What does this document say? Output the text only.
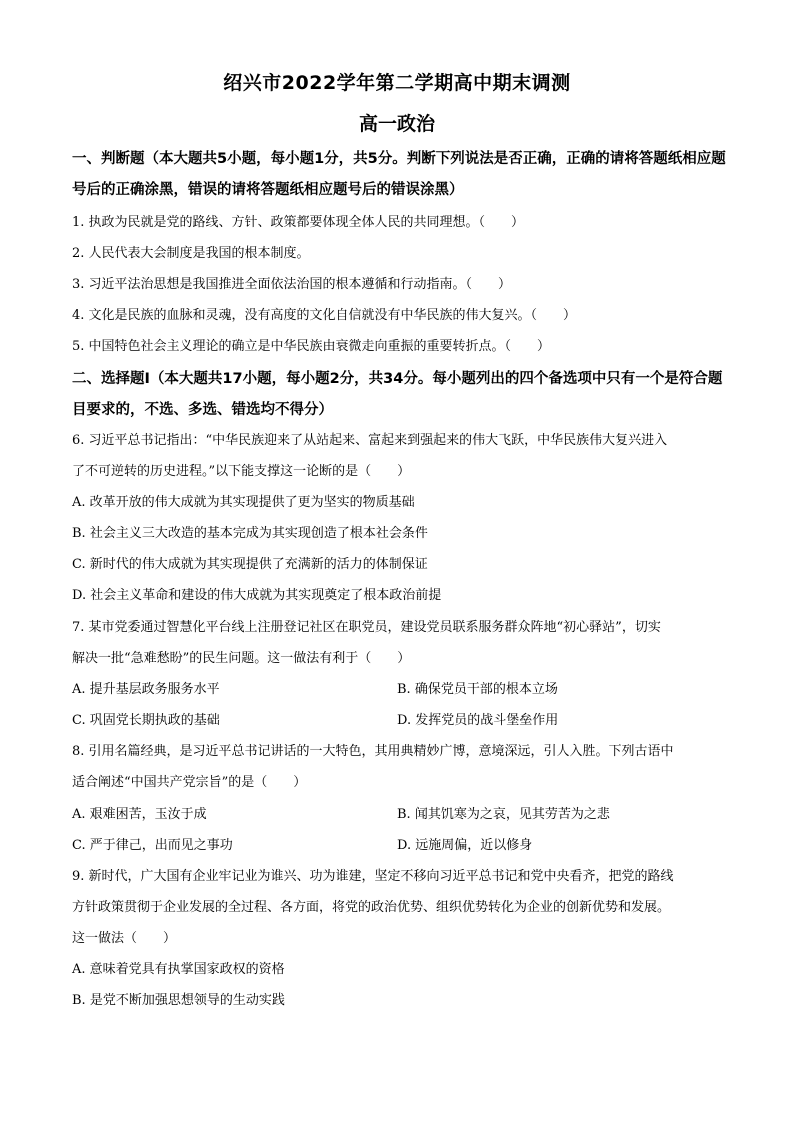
绍兴市2022学年第二学期高中期末调测
高一政治

一、判断题（本大题共5小题，每小题1分，共5分。判断下列说法是否正确，正确的请将答题纸相应题号后的正确涂黑，错误的请将答题纸相应题号后的错误涂黑）

1. 执政为民就是党的路线、方针、政策都要体现全体人民的共同理想。（　　）
2. 人民代表大会制度是我国的根本制度。
3. 习近平法治思想是我国推进全面依法治国的根本遵循和行动指南。（　　）
4. 文化是民族的血脉和灵魂，没有高度的文化自信就没有中华民族的伟大复兴。（　　）
5. 中国特色社会主义理论的确立是中华民族由衰微走向重振的重要转折点。（　　）

二、选择题Ⅰ（本大题共17小题，每小题2分，共34分。每小题列出的四个备选项中只有一个是符合题目要求的，不选、多选、错选均不得分）

6. 习近平总书记指出：“中华民族迎来了从站起来、富起来到强起来的伟大飞跃，中华民族伟大复兴进入
了不可逆转的历史进程。”以下能支撑这一论断的是（　　）
A. 改革开放的伟大成就为其实现提供了更为坚实的物质基础
B. 社会主义三大改造的基本完成为其实现创造了根本社会条件
C. 新时代的伟大成就为其实现提供了充满新的活力的体制保证
D. 社会主义革命和建设的伟大成就为其实现奠定了根本政治前提
7. 某市党委通过智慧化平台线上注册登记社区在职党员，建设党员联系服务群众阵地“初心驿站”，切实
解决一批“急难愁盼”的民生问题。这一做法有利于（　　）
A. 提升基层政务服务水平	B. 确保党员干部的根本立场
C. 巩固党长期执政的基础	D. 发挥党员的战斗堡垒作用
8. 引用名篇经典，是习近平总书记讲话的一大特色，其用典精妙广博，意境深远，引人入胜。下列古语中
适合阐述“中国共产党宗旨”的是（　　）
A. 艰难困苦，玉汝于成	B. 闻其饥寒为之哀，见其劳苦为之悲
C. 严于律己，出而见之事功	D. 远施周偏，近以修身
9. 新时代，广大国有企业牢记业为谁兴、功为谁建，坚定不移向习近平总书记和党中央看齐，把党的路线
方针政策贯彻于企业发展的全过程、各方面，将党的政治优势、组织优势转化为企业的创新优势和发展。
这一做法（　　）
A. 意味着党具有执掌国家政权的资格
B. 是党不断加强思想领导的生动实践
